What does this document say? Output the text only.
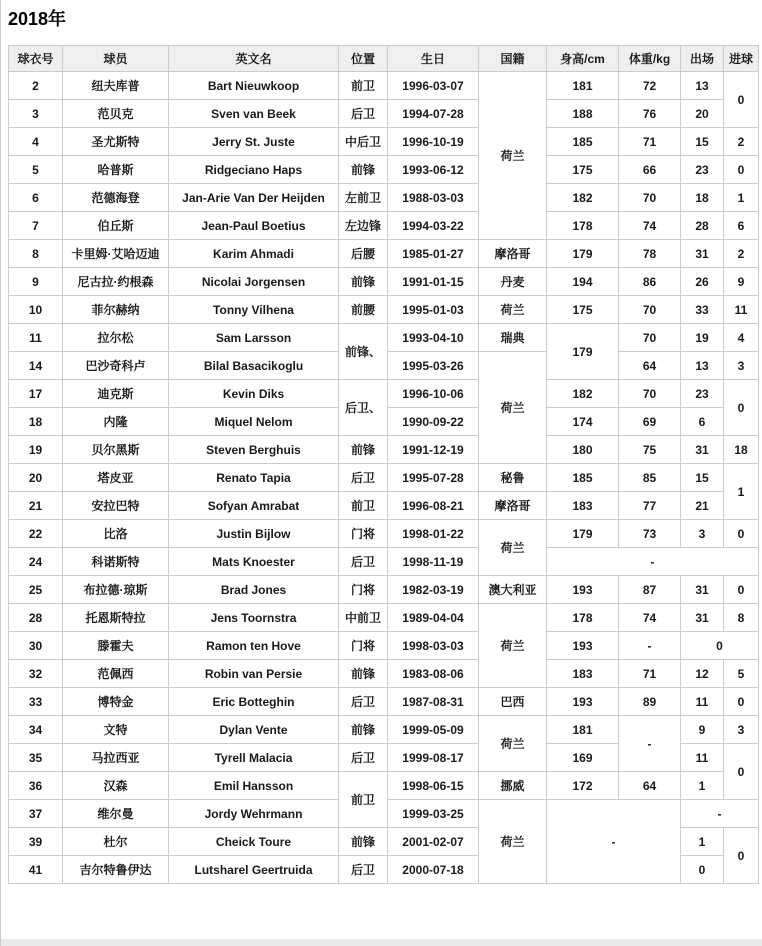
2018年
球衣号	球员	英文名	位置	生日	国籍	身高/cm	体重/kg	出场	进球
2	纽夫库普	Bart Nieuwkoop	前卫	1996-03-07	荷兰	181	72	13	0
3	范贝克	Sven van Beek	后卫	1994-07-28		188	76	20	
4	圣尤斯特	Jerry St. Juste	中后卫	1996-10-19		185	71	15	2
5	哈普斯	Ridgeciano Haps	前锋	1993-06-12		175	66	23	0
6	范德海登	Jan-Arie Van Der Heijden	左前卫	1988-03-03		182	70	18	1
7	伯丘斯	Jean-Paul Boetius	左边锋	1994-03-22		178	74	28	6
8	卡里姆·艾哈迈迪	Karim Ahmadi	后腰	1985-01-27	摩洛哥	179	78	31	2
9	尼古拉·约根森	Nicolai Jorgensen	前锋	1991-01-15	丹麦	194	86	26	9
10	菲尔赫纳	Tonny Vilhena	前腰	1995-01-03	荷兰	175	70	33	11
11	拉尔松	Sam Larsson	前锋、	1993-04-10	瑞典	179	70	19	4
14	巴沙奇科卢	Bilal Basacikoglu		1995-03-26	荷兰		64	13	3
17	迪克斯	Kevin Diks	后卫、	1996-10-06		182	70	23	0
18	内隆	Miquel Nelom		1990-09-22		174	69	6	
19	贝尔黑斯	Steven Berghuis	前锋	1991-12-19		180	75	31	18
20	塔皮亚	Renato Tapia	后卫	1995-07-28	秘鲁	185	85	15	1
21	安拉巴特	Sofyan Amrabat	前卫	1996-08-21	摩洛哥	183	77	21	
22	比洛	Justin Bijlow	门将	1998-01-22	荷兰	179	73	3	0
24	科诺斯特	Mats Knoester	后卫	1998-11-19		-			
25	布拉德·琼斯	Brad Jones	门将	1982-03-19	澳大利亚	193	87	31	0
28	托恩斯特拉	Jens Toornstra	中前卫	1989-04-04	荷兰	178	74	31	8
30	滕霍夫	Ramon ten Hove	门将	1998-03-03		193	-	0	
32	范佩西	Robin van Persie	前锋	1983-08-06		183	71	12	5
33	博特金	Eric Botteghin	后卫	1987-08-31	巴西	193	89	11	0
34	文特	Dylan Vente	前锋	1999-05-09	荷兰	181	-	9	3
35	马拉西亚	Tyrell Malacia	后卫	1999-08-17		169		11	0
36	汉森	Emil Hansson	前卫	1998-06-15	挪威	172	64	1	
37	维尔曼	Jordy Wehrmann		1999-03-25	荷兰	-		-	
39	杜尔	Cheick Toure	前锋	2001-02-07				1	0
41	吉尔特鲁伊达	Lutsharel Geertruida	后卫	2000-07-18				0	
